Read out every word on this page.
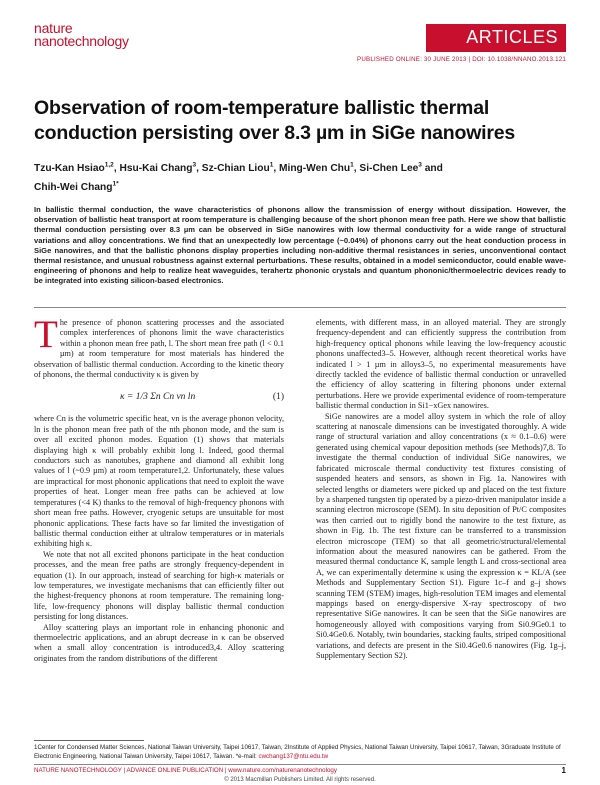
nature
nanotechnology	ARTICLES
PUBLISHED ONLINE: 30 JUNE 2013 | DOI: 10.1038/NNANO.2013.121
Observation of room-temperature ballistic thermal conduction persisting over 8.3 µm in SiGe nanowires
Tzu-Kan Hsiao$^{1,2}$, Hsu-Kai Chang$^3$, Sz-Chian Liou$^1$, Ming-Wen Chu$^1$, Si-Chen Lee$^3$ and
Chih-Wei Chang$^{1*}$
In ballistic thermal conduction, the wave characteristics of phonons allow the transmission of energy without dissipation. However, the observation of ballistic heat transport at room temperature is challenging because of the short phonon mean free path. Here we show that ballistic thermal conduction persisting over 8.3 µm can be observed in SiGe nanowires with low thermal conductivity for a wide range of structural variations and alloy concentrations. We find that an unexpectedly low percentage (~0.04%) of phonons carry out the heat conduction process in SiGe nanowires, and that the ballistic phonons display properties including non-additive thermal resistances in series, unconventional contact thermal resistance, and unusual robustness against external perturbations. These results, obtained in a model semiconductor, could enable wave-engineering of phonons and help to realize heat waveguides, terahertz phononic crystals and quantum phononic/thermoelectric devices ready to be integrated into existing silicon-based electronics.

The presence of phonon scattering processes and the associated complex interferences of phonons limit the wave characteristics within a phonon mean free path, l. The short mean free path (l < 0.1 µm) at room temperature for most materials has hindered the observation of ballistic thermal conduction. According to the kinetic theory of phonons, the thermal conductivity κ is given by

κ = 1/3 Σn Cn vn ln	(1)

where Cn is the volumetric specific heat, vn is the average phonon velocity, ln is the phonon mean free path of the nth phonon mode, and the sum is over all excited phonon modes. Equation (1) shows that materials displaying high κ will probably exhibit long l. Indeed, good thermal conductors such as nanotubes, graphene and diamond all exhibit long values of l (~0.9 µm) at room temperature1,2. Unfortunately, these values are impractical for most phononic applications that need to exploit the wave properties of heat. Longer mean free paths can be achieved at low temperatures (<4 K) thanks to the removal of high-frequency phonons with short mean free paths. However, cryogenic setups are unsuitable for most phononic applications. These facts have so far limited the investigation of ballistic thermal conduction either at ultralow temperatures or in materials exhibiting high κ.

We note that not all excited phonons participate in the heat conduction processes, and the mean free paths are strongly frequency-dependent in equation (1). In our approach, instead of searching for high-κ materials or low temperatures, we investigate mechanisms that can efficiently filter out the highest-frequency phonons at room temperature. The remaining long-life, low-frequency phonons will display ballistic thermal conduction persisting for long distances.

Alloy scattering plays an important role in enhancing phononic and thermoelectric applications, and an abrupt decrease in κ can be observed when a small alloy concentration is introduced3,4. Alloy scattering originates from the random distributions of the different

elements, with different mass, in an alloyed material. They are strongly frequency-dependent and can efficiently suppress the contribution from high-frequency optical phonons while leaving the low-frequency acoustic phonons unaffected3–5. However, although recent theoretical works have indicated l > 1 µm in alloys3–5, no experimental measurements have directly tackled the evidence of ballistic thermal conduction or unravelled the efficiency of alloy scattering in filtering phonons under external perturbations. Here we provide experimental evidence of room-temperature ballistic thermal conduction in Si1−xGex nanowires.

SiGe nanowires are a model alloy system in which the role of alloy scattering at nanoscale dimensions can be investigated thoroughly. A wide range of structural variation and alloy concentrations (x ≈ 0.1–0.6) were generated using chemical vapour deposition methods (see Methods)7,8. To investigate the thermal conduction of individual SiGe nanowires, we fabricated microscale thermal conductivity test fixtures consisting of suspended heaters and sensors, as shown in Fig. 1a. Nanowires with selected lengths or diameters were picked up and placed on the test fixture by a sharpened tungsten tip operated by a piezo-driven manipulator inside a scanning electron microscope (SEM). In situ deposition of Pt/C composites was then carried out to rigidly bond the nanowire to the test fixture, as shown in Fig. 1b. The test fixture can be transferred to a transmission electron microscope (TEM) so that all geometric/structural/elemental information about the measured nanowires can be gathered. From the measured thermal conductance K, sample length L and cross-sectional area A, we can experimentally determine κ using the expression κ = KL/A (see Methods and Supplementary Section S1). Figure 1c–f and g–j shows scanning TEM (STEM) images, high-resolution TEM images and elemental mappings based on energy-dispersive X-ray spectroscopy of two representative SiGe nanowires. It can be seen that the SiGe nanowires are homogeneously alloyed with compositions varying from Si0.9Ge0.1 to Si0.4Ge0.6. Notably, twin boundaries, stacking faults, striped compositional variations, and defects are present in the Si0.4Ge0.6 nanowires (Fig. 1g–j, Supplementary Section S2).

1Center for Condensed Matter Sciences, National Taiwan University, Taipei 10617, Taiwan, 2Institute of Applied Physics, National Taiwan University, Taipei 10617, Taiwan, 3Graduate Institute of Electronic Engineering, National Taiwan University, Taipei 10617, Taiwan. *e-mail: cwchang137@ntu.edu.tw
NATURE NANOTECHNOLOGY | ADVANCE ONLINE PUBLICATION | www.nature.com/naturenanotechnology	1
© 2013 Macmillan Publishers Limited. All rights reserved.
